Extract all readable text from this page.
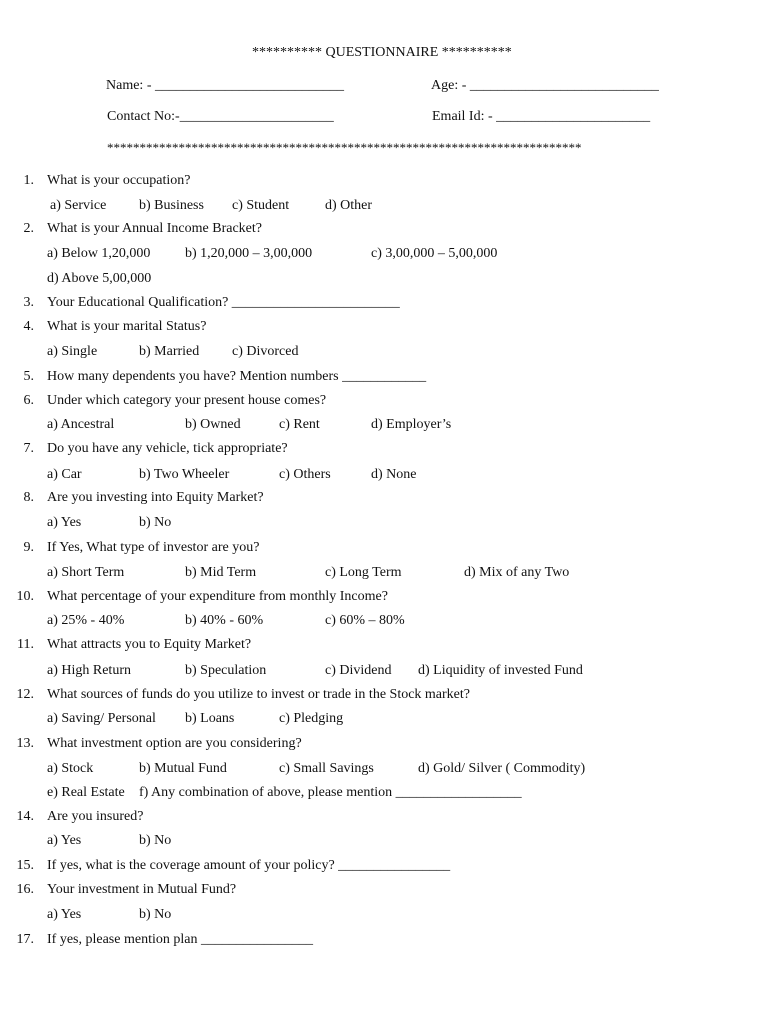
********** QUESTIONNAIRE **********
Name: - ___________________________	Age: - ___________________________
Contact No:-______________________	Email Id: - ______________________
*************************************************************************
1. What is your occupation?
a) Service b) Business c) Student	d) Other
2. What is your Annual Income Bracket?
a) Below 1,20,000 b) 1,20,000 – 3,00,000	c) 3,00,000 – 5,00,000
d) Above 5,00,000
3. Your Educational Qualification? ________________________
4. What is your marital Status?
a) Single	b) Married c) Divorced
5. How many dependents you have? Mention numbers ____________
6. Under which category your present house comes?
a) Ancestral	b) Owned	c) Rent	d) Employer’s
7. Do you have any vehicle, tick appropriate?
a) Car	b) Two Wheeler	c) Others	d) None
8. Are you investing into Equity Market?
a) Yes	b) No
9. If Yes, What type of investor are you?
a) Short Term	b) Mid Term	c) Long Term	d) Mix of any Two
10. What percentage of your expenditure from monthly Income?
a) 25% - 40%	b) 40% - 60%	c) 60% – 80%
11. What attracts you to Equity Market?
a) High Return	b) Speculation	c) Dividend d) Liquidity of invested Fund
12. What sources of funds do you utilize to invest or trade in the Stock market?
a) Saving/ Personal b) Loans	c) Pledging
13. What investment option are you considering?
a) Stock	b) Mutual Fund	c) Small Savings	d) Gold/ Silver ( Commodity)
e) Real Estate f) Any combination of above, please mention __________________
14. Are you insured?
a) Yes	b) No
15. If yes, what is the coverage amount of your policy? ________________
16. Your investment in Mutual Fund?
a) Yes	b) No
17. If yes, please mention plan ________________
